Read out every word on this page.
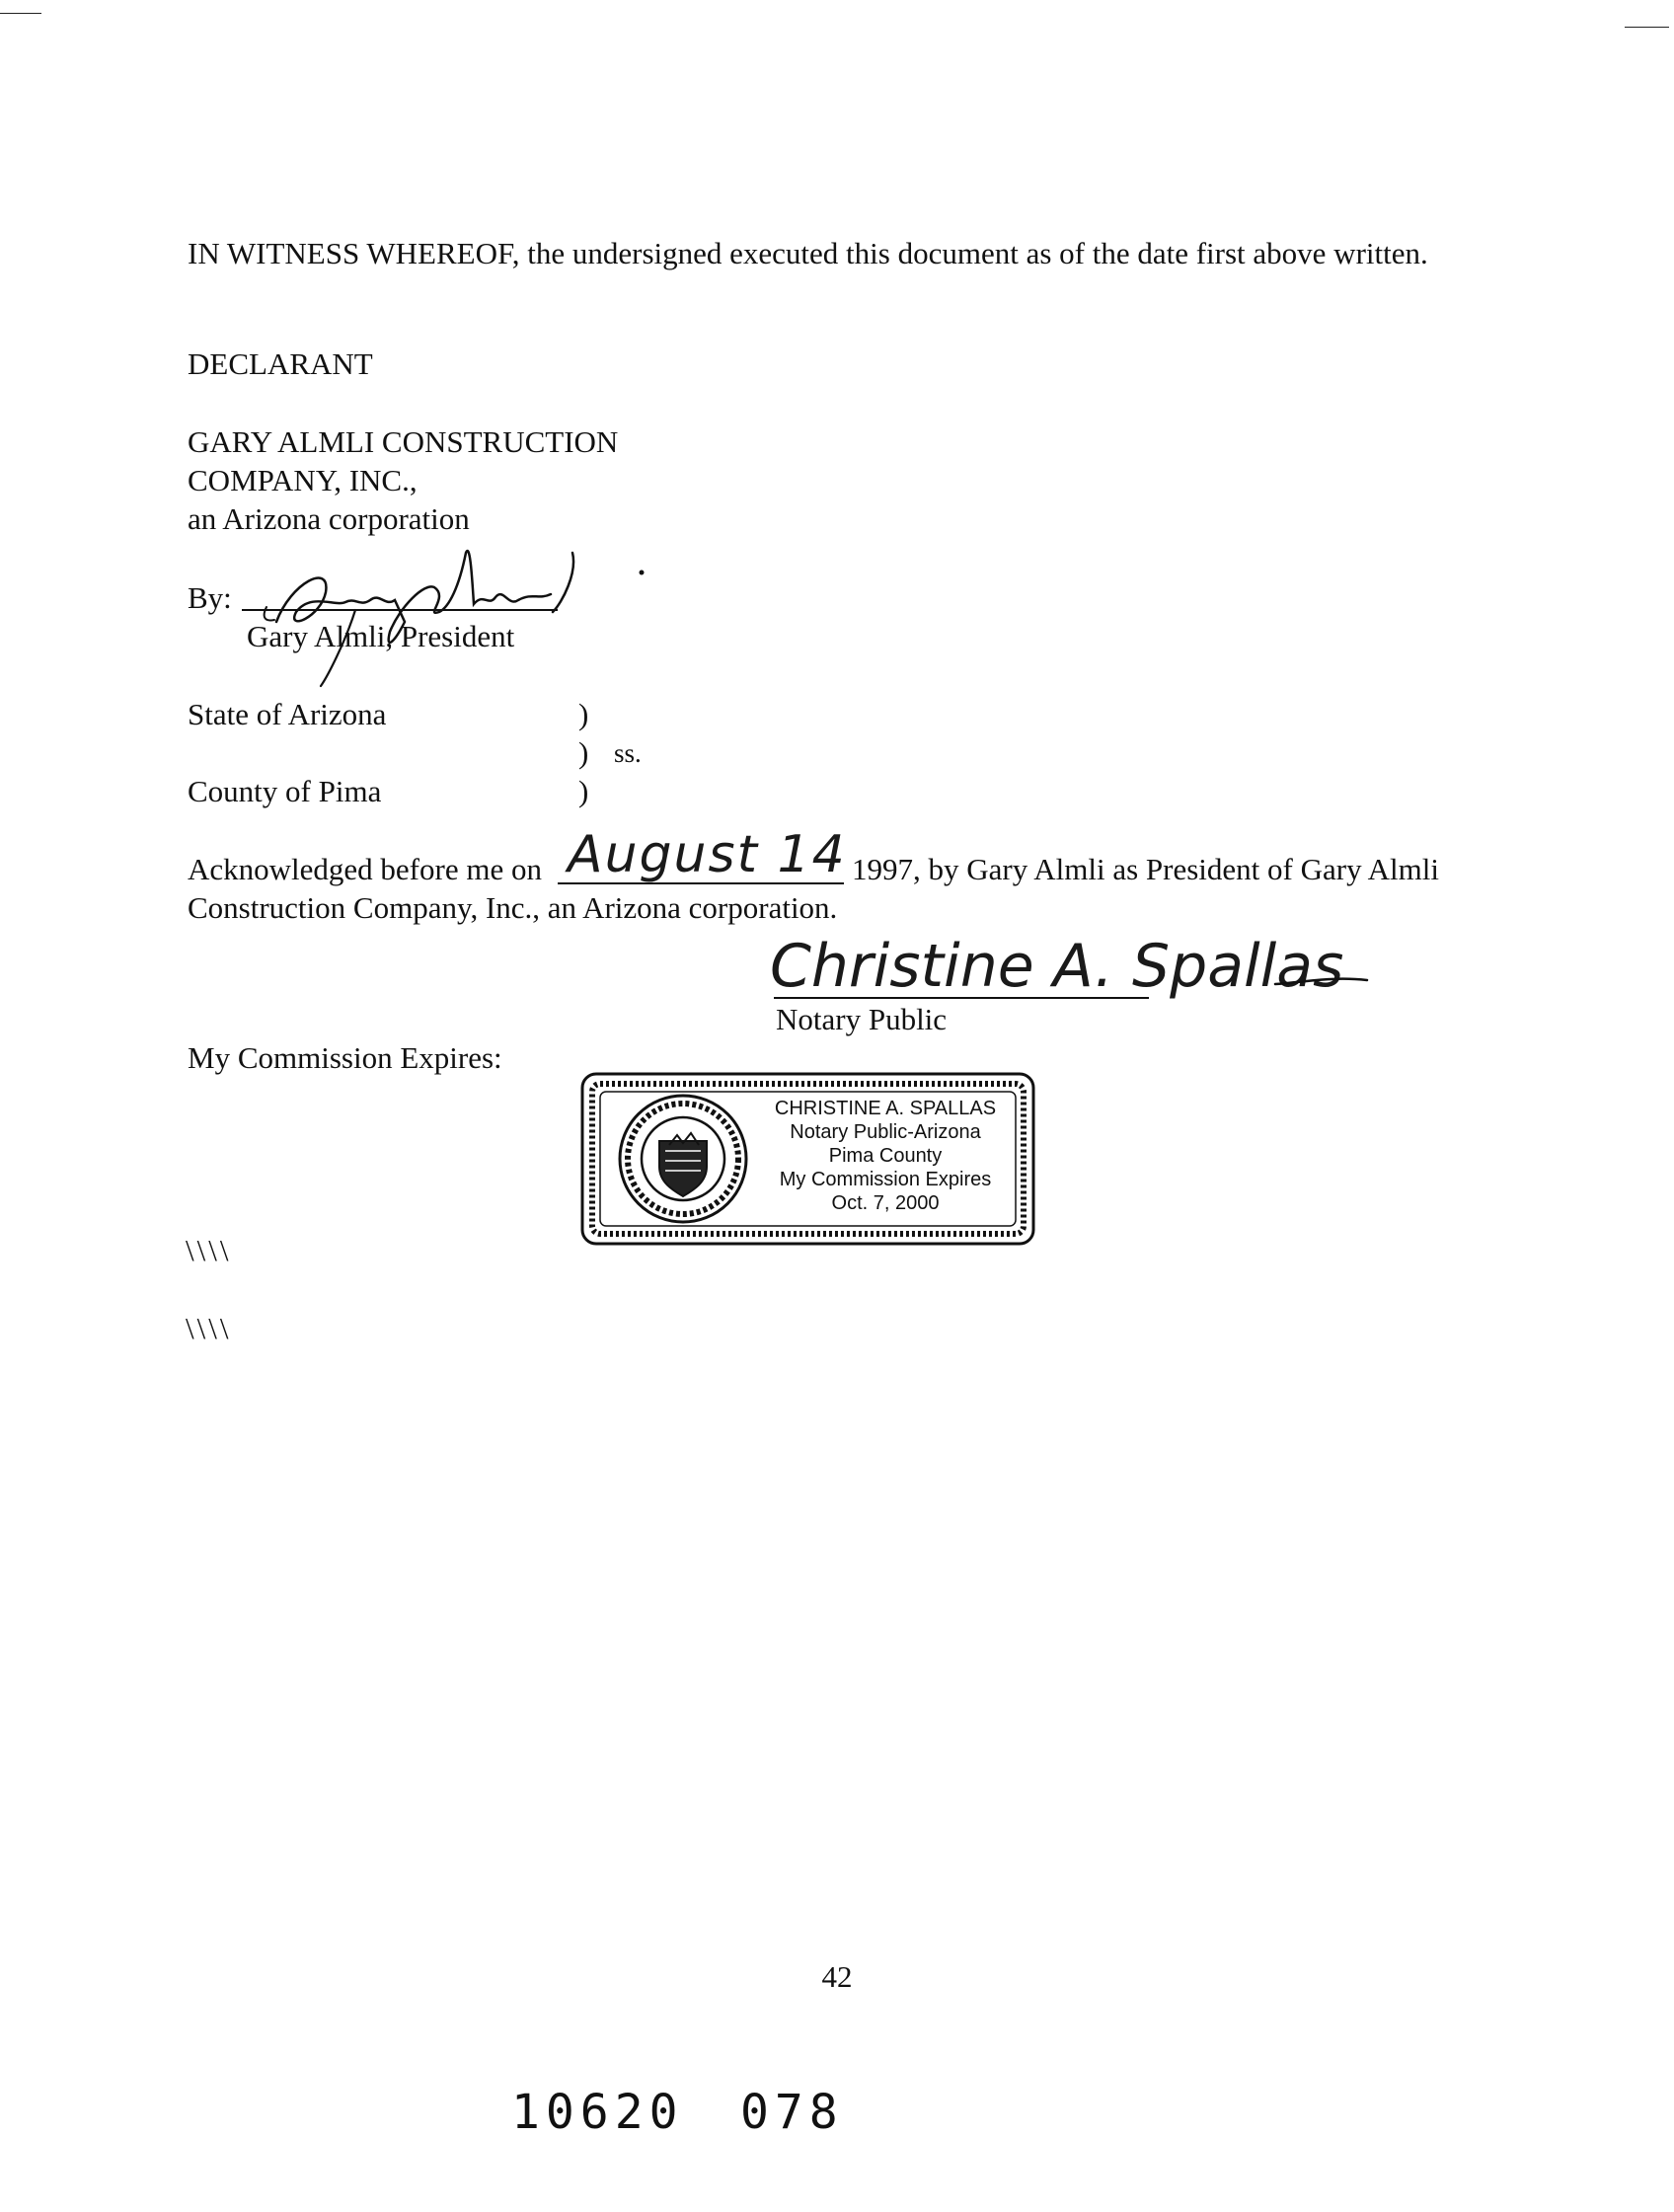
IN WITNESS WHEREOF, the undersigned executed this document as of the date first above written.
DECLARANT
GARY ALMLI CONSTRUCTION
COMPANY, INC.,
an Arizona corporation
By:
Gary Almli, President
State of Arizona	)
) ss.
County of Pima	)
Acknowledged before me on August 14 1997, by Gary Almli as President of Gary Almli
Construction Company, Inc., an Arizona corporation.
Christine A. Spallas
Notary Public
My Commission Expires:
CHRISTINE A. SPALLAS
Notary Public-Arizona
Pima County
My Commission Expires
Oct. 7, 2000
\\\\
\\\\
42
10620 078
